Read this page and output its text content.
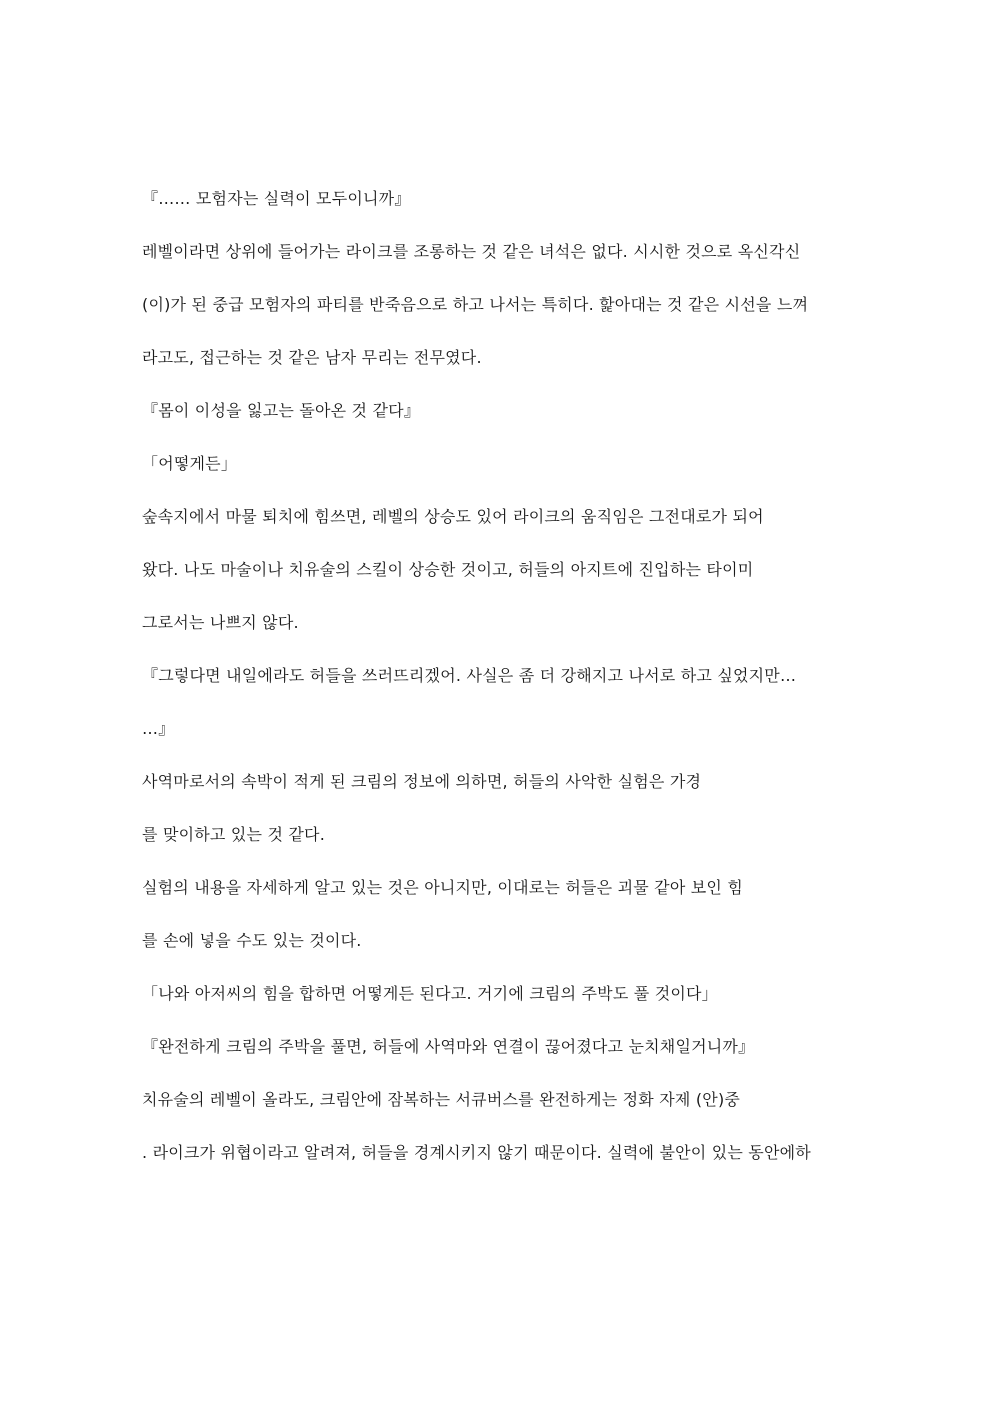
『…… 모험자는 실력이 모두이니까』

레벨이라면 상위에 들어가는 라이크를 조롱하는 것 같은 녀석은 없다. 시시한 것으로 옥신각신

(이)가 된 중급 모험자의 파티를 반죽음으로 하고 나서는 특히다. 핥아대는 것 같은 시선을 느껴

라고도, 접근하는 것 같은 남자 무리는 전무였다.

『몸이 이성을 잃고는 돌아온 것 같다』

「어떻게든」

숲속지에서 마물 퇴치에 힘쓰면, 레벨의 상승도 있어 라이크의 움직임은 그전대로가 되어

왔다. 나도 마술이나 치유술의 스킬이 상승한 것이고, 허들의 아지트에 진입하는 타이미

그로서는 나쁘지 않다.

『그렇다면 내일에라도 허들을 쓰러뜨리겠어. 사실은 좀 더 강해지고 나서로 하고 싶었지만…

…』

사역마로서의 속박이 적게 된 크림의 정보에 의하면, 허들의 사악한 실험은 가경

를 맞이하고 있는 것 같다.

실험의 내용을 자세하게 알고 있는 것은 아니지만, 이대로는 허들은 괴물 같아 보인 힘

를 손에 넣을 수도 있는 것이다.

「나와 아저씨의 힘을 합하면 어떻게든 된다고. 거기에 크림의 주박도 풀 것이다」

『완전하게 크림의 주박을 풀면, 허들에 사역마와 연결이 끊어졌다고 눈치채일거니까』

치유술의 레벨이 올라도, 크림안에 잠복하는 서큐버스를 완전하게는 정화 자제 (안)중

. 라이크가 위협이라고 알려져, 허들을 경계시키지 않기 때문이다. 실력에 불안이 있는 동안에하
